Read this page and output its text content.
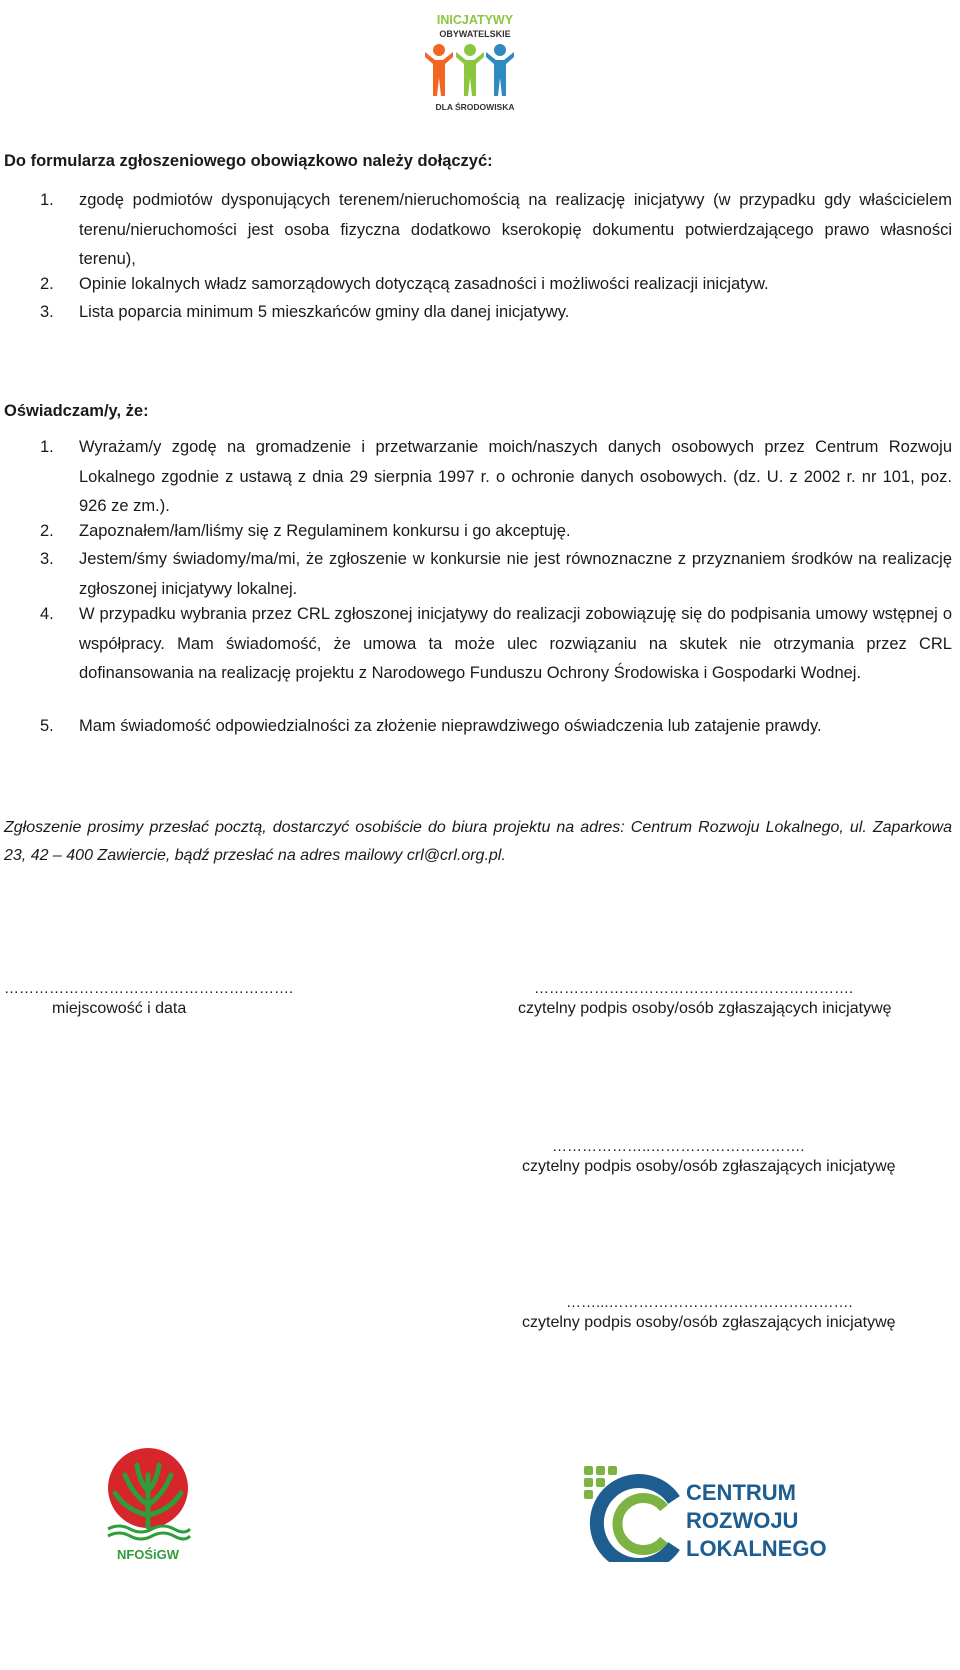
INICJATYWY
OBYWATELSKIE
DLA ŚRODOWISKA
Do formularza zgłoszeniowego obowiązkowo należy dołączyć:
1. zgodę podmiotów dysponujących terenem/nieruchomością na realizację inicjatywy (w przypadku gdy właścicielem terenu/nieruchomości jest osoba fizyczna dodatkowo kserokopię dokumentu potwierdzającego prawo własności terenu),
2. Opinie lokalnych władz samorządowych dotyczącą zasadności i możliwości realizacji inicjatyw.
3. Lista poparcia minimum 5 mieszkańców gminy dla danej inicjatywy.
Oświadczam/y, że:
1. Wyrażam/y zgodę na gromadzenie i przetwarzanie moich/naszych danych osobowych przez Centrum Rozwoju Lokalnego zgodnie z ustawą z dnia 29 sierpnia 1997 r. o ochronie danych osobowych. (dz. U. z 2002 r. nr 101, poz. 926 ze zm.).
2. Zapoznałem/łam/liśmy się z Regulaminem konkursu i go akceptuję.
3. Jestem/śmy świadomy/ma/mi, że zgłoszenie w konkursie nie jest równoznaczne z przyznaniem środków na realizację zgłoszonej inicjatywy lokalnej.
4. W przypadku wybrania przez CRL zgłoszonej inicjatywy do realizacji zobowiązuję się do podpisania umowy wstępnej o współpracy. Mam świadomość, że umowa ta może ulec rozwiązaniu na skutek nie otrzymania przez CRL dofinansowania na realizację projektu z Narodowego Funduszu Ochrony Środowiska i Gospodarki Wodnej.
5. Mam świadomość odpowiedzialności za złożenie nieprawdziwego oświadczenia lub zatajenie prawdy.
Zgłoszenie prosimy przesłać pocztą, dostarczyć osobiście do biura projektu na adres: Centrum Rozwoju Lokalnego, ul. Zaparkowa 23, 42 – 400 Zawiercie, bądź przesłać na adres mailowy crl@crl.org.pl.
………………………………………………….
miejscowość i data
……………………………………………………….
czytelny podpis osoby/osób zgłaszających inicjatywę
………………..………………………….
czytelny podpis osoby/osób zgłaszających inicjatywę
……...………………………………………….
czytelny podpis osoby/osób zgłaszających inicjatywę
NFOŚiGW
CENTRUM
ROZWOJU
LOKALNEGO
